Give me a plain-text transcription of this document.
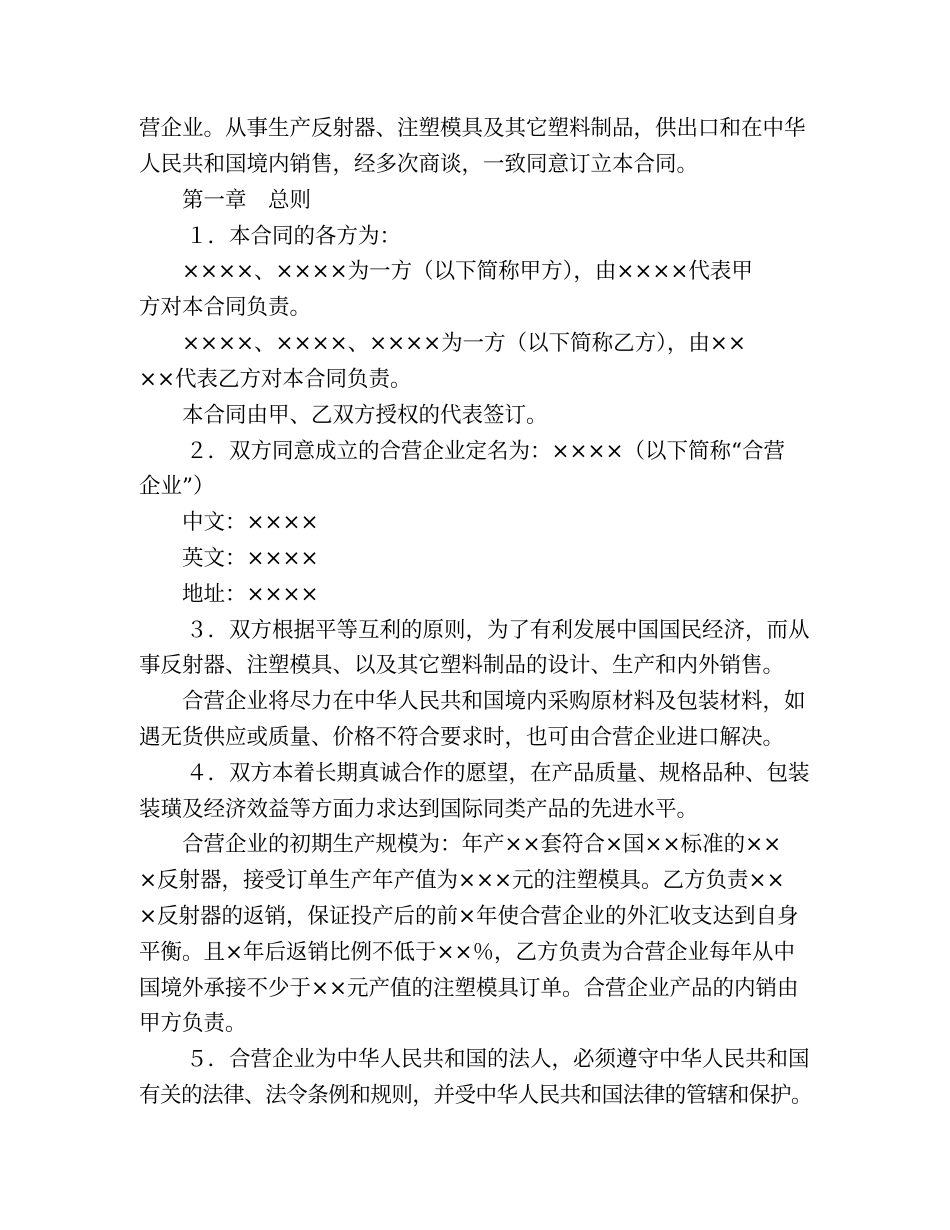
营企业。从事生产反射器、注塑模具及其它塑料制品，供出口和在中华
人民共和国境内销售，经多次商谈，一致同意订立本合同。
第一章　总则
１．本合同的各方为：
××××、××××为一方（以下简称甲方），由××××代表甲
方对本合同负责。
××××、××××、××××为一方（以下简称乙方），由××
××代表乙方对本合同负责。
本合同由甲、乙双方授权的代表签订。
２．双方同意成立的合营企业定名为：××××（以下简称“合营
企业”）
中文：××××
英文：××××
地址：××××
３．双方根据平等互利的原则，为了有利发展中国国民经济，而从
事反射器、注塑模具、以及其它塑料制品的设计、生产和内外销售。
合营企业将尽力在中华人民共和国境内采购原材料及包装材料，如
遇无货供应或质量、价格不符合要求时，也可由合营企业进口解决。
４．双方本着长期真诚合作的愿望，在产品质量、规格品种、包装
装璜及经济效益等方面力求达到国际同类产品的先进水平。
合营企业的初期生产规模为：年产××套符合×国××标准的××
×反射器，接受订单生产年产值为×××元的注塑模具。乙方负责××
×反射器的返销，保证投产后的前×年使合营企业的外汇收支达到自身
平衡。且×年后返销比例不低于××％，乙方负责为合营企业每年从中
国境外承接不少于××元产值的注塑模具订单。合营企业产品的内销由
甲方负责。
５．合营企业为中华人民共和国的法人，必须遵守中华人民共和国
有关的法律、法令条例和规则，并受中华人民共和国法律的管辖和保护。
